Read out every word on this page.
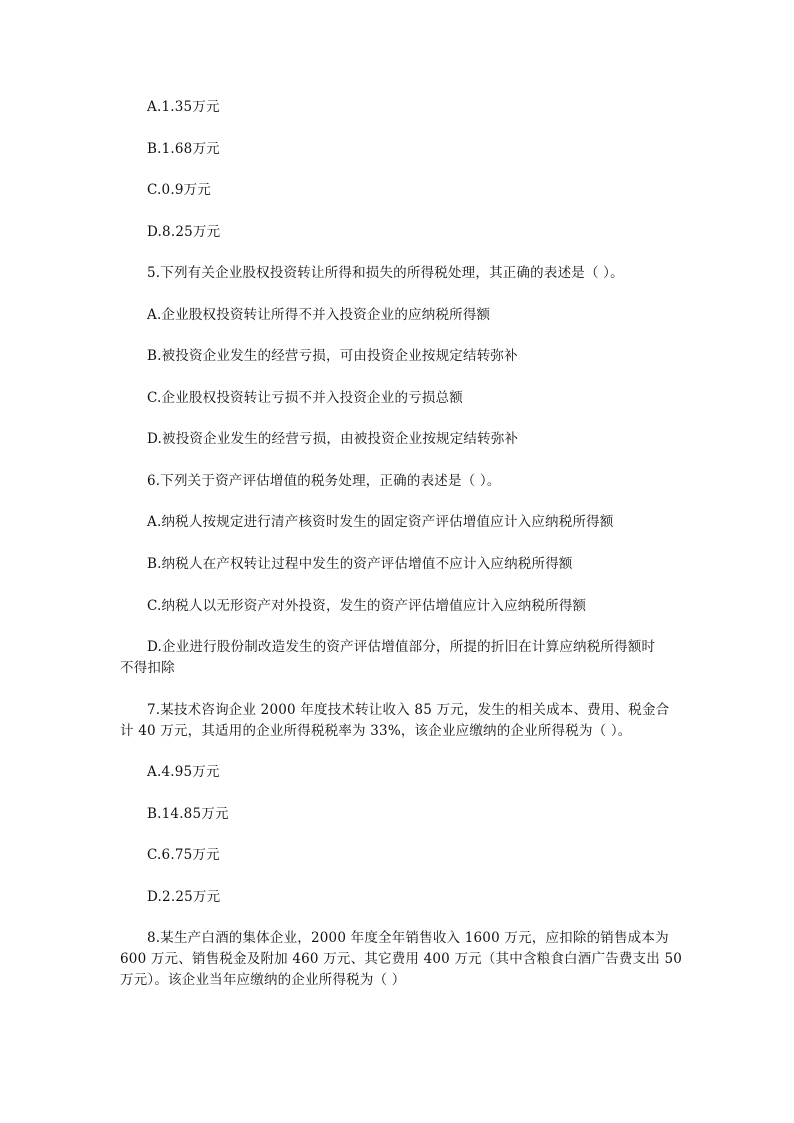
A.1.35万元
B.1.68万元
C.0.9万元
D.8.25万元
5.下列有关企业股权投资转让所得和损失的所得税处理，其正确的表述是（ ）。
A.企业股权投资转让所得不并入投资企业的应纳税所得额
B.被投资企业发生的经营亏损，可由投资企业按规定结转弥补
C.企业股权投资转让亏损不并入投资企业的亏损总额
D.被投资企业发生的经营亏损，由被投资企业按规定结转弥补
6.下列关于资产评估增值的税务处理，正确的表述是（ ）。
A.纳税人按规定进行清产核资时发生的固定资产评估增值应计入应纳税所得额
B.纳税人在产权转让过程中发生的资产评估增值不应计入应纳税所得额
C.纳税人以无形资产对外投资，发生的资产评估增值应计入应纳税所得额
D.企业进行股份制改造发生的资产评估增值部分，所提的折旧在计算应纳税所得额时
不得扣除
7.某技术咨询企业 2000 年度技术转让收入 85 万元，发生的相关成本、费用、税金合
计 40 万元，其适用的企业所得税税率为 33%，该企业应缴纳的企业所得税为（ ）。
A.4.95万元
B.14.85万元
C.6.75万元
D.2.25万元
8.某生产白酒的集体企业，2000 年度全年销售收入 1600 万元，应扣除的销售成本为
600 万元、销售税金及附加 460 万元、其它费用 400 万元（其中含粮食白酒广告费支出 50
万元）。该企业当年应缴纳的企业所得税为（ ）
